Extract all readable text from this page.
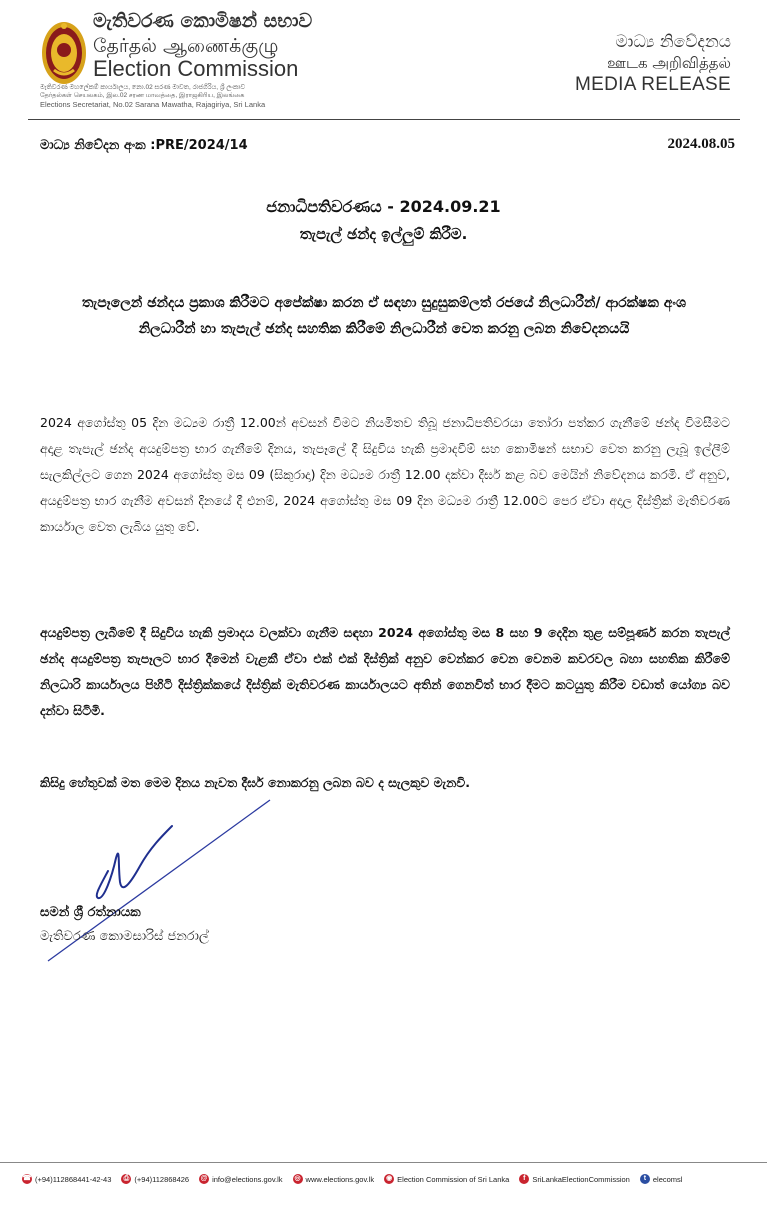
මැතිවරණ කොමිෂන් සභාව
தேர்தல் ஆணைக்குழு
Election Commission
මැතිවරණ මහලේකම් කාර්යාලය, නො.02 සරණ මාවත, රාජගිරිය, ශ්‍රී ලංකාව
தேர்தல்கள் செயலகம், இல.02 சரண மாவத்தை, இராஜகிரிய, இலங்கை
Elections Secretariat, No.02 Sarana Mawatha, Rajagiriya, Sri Lanka
මාධ්‍ය නිවේදනය
ஊடக அறிவித்தல்
MEDIA RELEASE
මාධ්‍ය නිවේදන අංක :PRE/2024/14	2024.08.05
ජනාධිපතිවරණය - 2024.09.21
තැපැල් ඡන්ද ඉල්ලුම් කිරීම.
තැපෑලෙන් ඡන්දය ප්‍රකාශ කිරීමට අපේක්ෂා කරන ඒ සඳහා සුදුසුකම්ලත් රජයේ නිලධාරීන්/ ආරක්ෂක අංශ නිලධාරීන් හා තැපැල් ඡන්ද සහතික කිරීමේ නිලධාරීන් වෙත කරනු ලබන නිවේදනයයි
2024 අගෝස්තු 05 දින මධ්‍යම රාත්‍රී 12.00න් අවසන් වීමට නියමිතව තිබූ ජනාධිපතිවරයා තෝරා පත්කර ගැනීමේ ඡන්ද විමසීමට අදාළ තැපැල් ඡන්ද අයදුම්පත්‍ර භාර ගැනීමේ දිනය, තැපෑලේ දී සිදුවිය හැකි ප්‍රමාදවීම් සහ කොමිෂන් සභාව වෙත කරනු ලැබූ ඉල්ලීම් සැලකිල්ලට ගෙන 2024 අගෝස්තු මස 09 (සිකුරාදා) දින මධ්‍යම රාත්‍රී 12.00 දක්වා දීර්ඝ කළ බව මෙයින් නිවේදනය කරමි. ඒ අනුව, අයදුම්පත්‍ර භාර ගැනීම අවසන් දිනයේ දී එනම්, 2024 අගෝස්තු මස 09 දින මධ්‍යම රාත්‍රී 12.00ට පෙර ඒවා අදාල දිස්ත්‍රික් මැතිවරණ කාර්යාල වෙත ලැබිය යුතු වේ.
අයදුම්පත්‍ර ලැබීමේ දී සිදුවිය හැකි ප්‍රමාදය වලක්වා ගැනීම සඳහා 2024 අගෝස්තු මස 8 සහ 9 දෙදින තුළ සම්පූර්ණ කරන තැපැල් ඡන්ද අයදුම්පත්‍ර තැපෑලට භාර දීමෙන් වැළකී ඒවා එක් එක් දිස්ත්‍රික් අනුව වෙන්කර වෙන වෙනම කවරවල බහා සහතික කිරීමේ නිලධාරි කාර්යාලය පිහිටි දිස්ත්‍රික්කයේ දිස්ත්‍රික් මැතිවරණ කාර්යාලයට අතින් ගෙනවිත් භාර දීමට කටයුතු කිරීම වඩාත් යෝග්‍ය බව දන්වා සිටිමි.
කිසිදු හේතුවක් මත මෙම දිනය නැවත දීර්ඝ නොකරනු ලබන බව ද සැලකුව මැනවි.
සමන් ශ්‍රී රත්නායක
මැතිවරණ කොමසාරිස් ජනරාල්
☎ (+94)112868441-42-43	⎙ (+94)112868426 @ info@elections.gov.lk ◎ www.elections.gov.lk ◉ Election Commission of Sri Lanka	f SriLankaElectionCommission	t elecomsl
